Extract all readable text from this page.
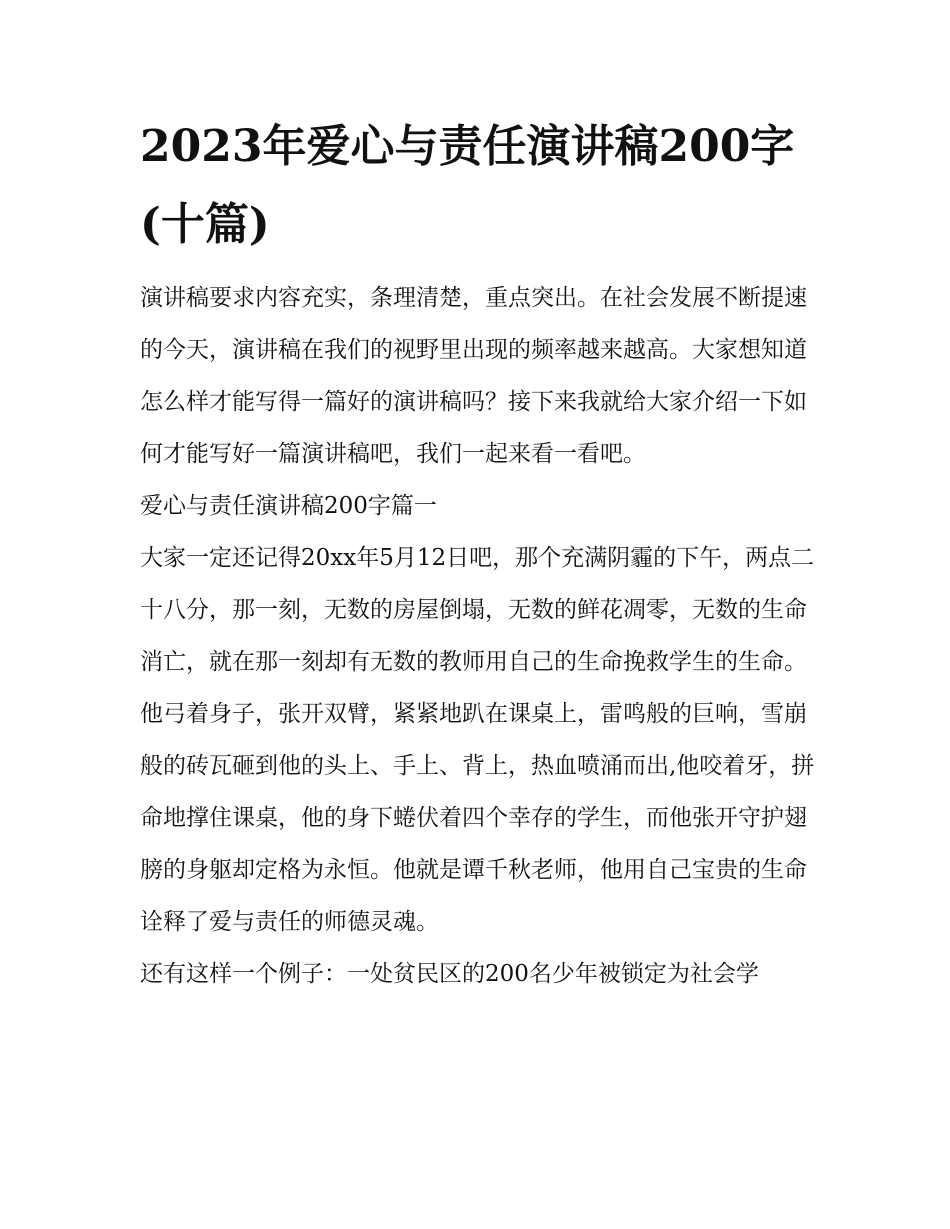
2023年爱心与责任演讲稿200字(十篇)

演讲稿要求内容充实，条理清楚，重点突出。在社会发展不断提速的今天，演讲稿在我们的视野里出现的频率越来越高。大家想知道怎么样才能写得一篇好的演讲稿吗？接下来我就给大家介绍一下如何才能写好一篇演讲稿吧，我们一起来看一看吧。

爱心与责任演讲稿200字篇一

大家一定还记得20xx年5月12日吧，那个充满阴霾的下午，两点二十八分，那一刻，无数的房屋倒塌，无数的鲜花凋零，无数的生命消亡，就在那一刻却有无数的教师用自己的生命挽救学生的生命。他弓着身子，张开双臂，紧紧地趴在课桌上，雷鸣般的巨响，雪崩般的砖瓦砸到他的头上、手上、背上，热血喷涌而出,他咬着牙，拼命地撑住课桌，他的身下蜷伏着四个幸存的学生，而他张开守护翅膀的身躯却定格为永恒。他就是谭千秋老师，他用自己宝贵的生命诠释了爱与责任的师德灵魂。

还有这样一个例子：一处贫民区的200名少年被锁定为社会学
